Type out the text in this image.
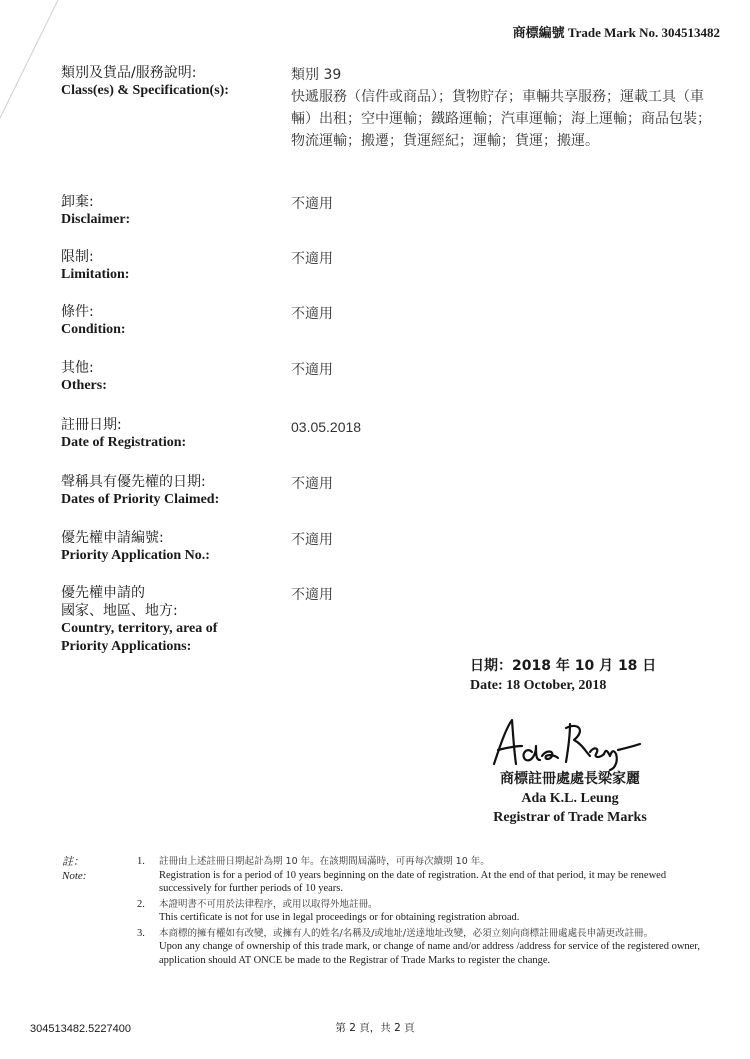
商標編號 Trade Mark No. 304513482
類別及貨品/服務說明:
Class(es) & Specification(s):
類別 39
快遞服務（信件或商品）；貨物貯存；車輛共享服務；運載工具（車輛）出租；空中運輸；鐵路運輸；汽車運輸；海上運輸；商品包裝；物流運輸；搬遷；貨運經紀；運輸；貨運；搬運。
卸棄:
Disclaimer:
不適用
限制:
Limitation:
不適用
條件:
Condition:
不適用
其他:
Others:
不適用
註冊日期:
Date of Registration:
03.05.2018
聲稱具有優先權的日期:
Dates of Priority Claimed:
不適用
優先權申請編號:
Priority Application No.:
不適用
優先權申請的
國家、地區、地方:
Country, territory, area of
Priority Applications:
不適用
日期：2018 年 10 月 18 日
Date: 18 October, 2018
商標註冊處處長梁家麗
Ada K.L. Leung
Registrar of Trade Marks
註：
Note:
1. 註冊由上述註冊日期起計為期 10 年。在該期間屆滿時，可再每次續期 10 年。
Registration is for a period of 10 years beginning on the date of registration. At the end of that period, it may be renewed successively for further periods of 10 years.
2. 本證明書不可用於法律程序，或用以取得外地註冊。
This certificate is not for use in legal proceedings or for obtaining registration abroad.
3. 本商標的擁有權如有改變，或擁有人的姓名/名稱及/或地址/送達地址改變，必須立刻向商標註冊處處長申請更改註冊。
Upon any change of ownership of this trade mark, or change of name and/or address /address for service of the registered owner, application should AT ONCE be made to the Registrar of Trade Marks to register the change.
304513482.5227400	第 2 頁，共 2 頁
